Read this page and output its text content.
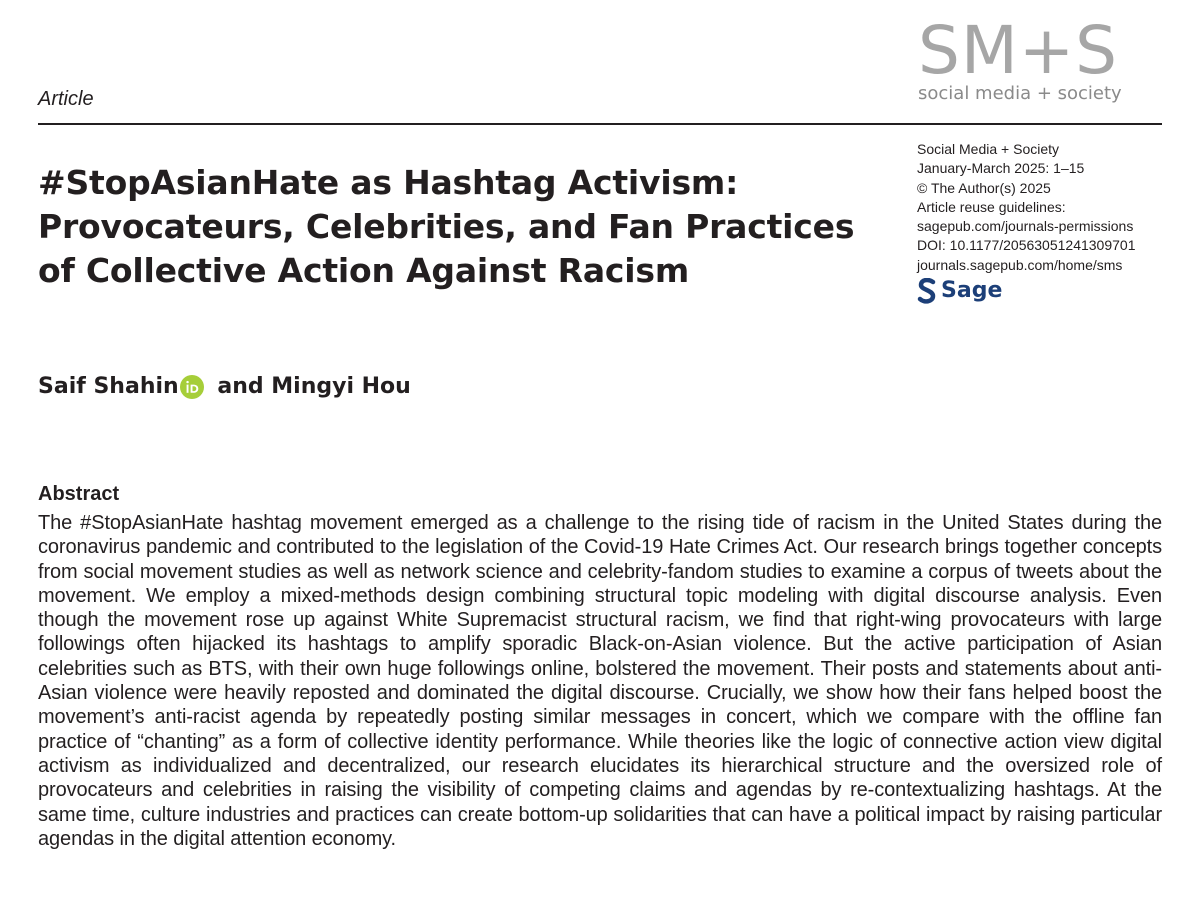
SM+S
social media + society
Article
#StopAsianHate as Hashtag Activism:
Provocateurs, Celebrities, and Fan Practices
of Collective Action Against Racism
Social Media + Society
January-March 2025: 1–15
© The Author(s) 2025
Article reuse guidelines:
sagepub.com/journals-permissions
DOI: 10.1177/20563051241309701
journals.sagepub.com/home/sms
Sage
Saif Shahin and Mingyi Hou
Abstract

The #StopAsianHate hashtag movement emerged as a challenge to the rising tide of racism in the United States during the coronavirus pandemic and contributed to the legislation of the Covid-19 Hate Crimes Act. Our research brings together concepts from social movement studies as well as network science and celebrity-fandom studies to examine a corpus of tweets about the movement. We employ a mixed-methods design combining structural topic modeling with digital discourse analysis. Even though the movement rose up against White Supremacist structural racism, we find that right-wing provocateurs with large followings often hijacked its hashtags to amplify sporadic Black-on-Asian violence. But the active participation of Asian celebrities such as BTS, with their own huge followings online, bolstered the movement. Their posts and statements about anti-Asian violence were heavily reposted and dominated the digital discourse. Crucially, we show how their fans helped boost the movement’s anti-racist agenda by repeatedly posting similar messages in concert, which we compare with the offline fan practice of “chanting” as a form of collective identity performance. While theories like the logic of connective action view digital activism as individualized and decentralized, our research elucidates its hierarchical structure and the oversized role of provocateurs and celebrities in raising the visibility of competing claims and agendas by re-contextualizing hashtags. At the same time, culture industries and practices can create bottom-up solidarities that can have a political impact by raising particular agendas in the digital attention economy.
